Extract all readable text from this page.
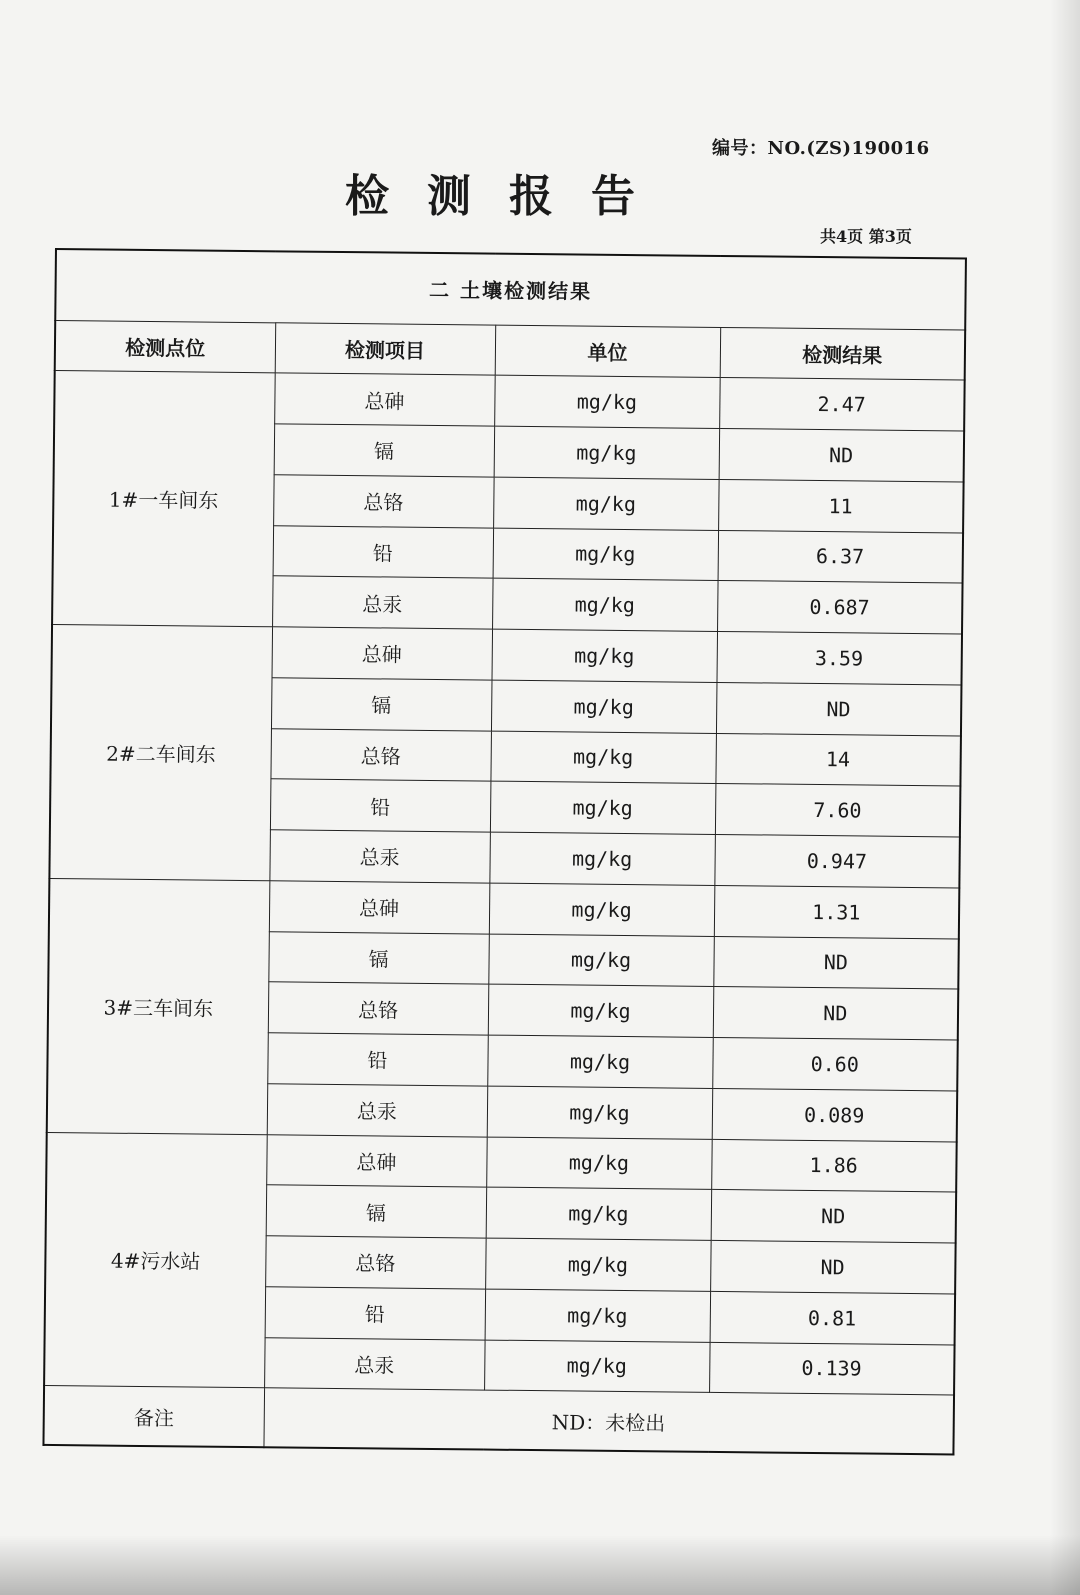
编号：NO.(ZS)190016
检测报告
共4页 第3页
二 土壤检测结果			
检测点位	检测项目	单位	检测结果
1#一车间东	总砷	mg/kg	2.47
	镉	mg/kg	ND
	总铬	mg/kg	11
	铅	mg/kg	6.37
	总汞	mg/kg	0.687
2#二车间东	总砷	mg/kg	3.59
	镉	mg/kg	ND
	总铬	mg/kg	14
	铅	mg/kg	7.60
	总汞	mg/kg	0.947
3#三车间东	总砷	mg/kg	1.31
	镉	mg/kg	ND
	总铬	mg/kg	ND
	铅	mg/kg	0.60
	总汞	mg/kg	0.089
4#污水站	总砷	mg/kg	1.86
	镉	mg/kg	ND
	总铬	mg/kg	ND
	铅	mg/kg	0.81
	总汞	mg/kg	0.139
备注	ND：未检出		
